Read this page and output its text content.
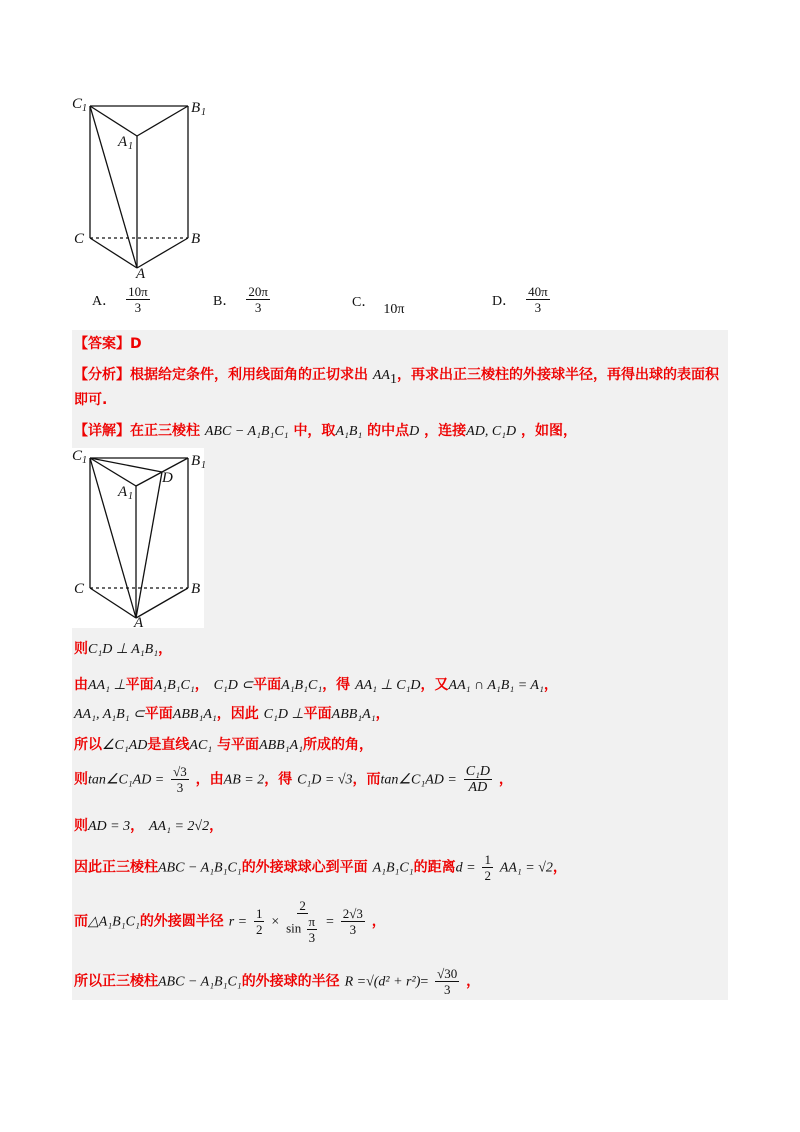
C 1	B 1
A 1
C	B
A
A． $\frac{10\pi}{3}$	B． $\frac{20\pi}{3}$	C． 10π
D． $\frac{40\pi}{3}$
【答案】D
【分析】根据给定条件，利用线面角的正切求出 $AA_1$，再求出正三棱柱的外接球半径，再得出球的表面积
即可.
【详解】在正三棱柱 ABC − A₁B₁C₁ 中，取A₁B₁ 的中点D ，连接AD, C₁D ，如图，
C 1	B 1
A 1
D
C	B
A
则C₁D ⊥ A₁B₁，
由AA₁ ⊥平面A₁B₁C₁， C₁D ⊂平面A₁B₁C₁，得 AA₁ ⊥ C₁D，又AA₁ ∩ A₁B₁ = A₁，
AA₁, A₁B₁ ⊂平面ABB₁A₁，因此 C₁D ⊥平面ABB₁A₁，
所以∠C₁AD是直线AC₁ 与平面ABB₁A₁所成的角，
则tan∠C₁AD = $\frac{√3}{3}$ ，由AB = 2，得 C₁D = √3，而tan∠C₁AD = $\frac{\text{C₁D}}{AD}$ ，
则AD = 3， AA₁ = 2√2，
因此正三棱柱ABC − A₁B₁C₁的外接球球心到平面 A₁B₁C₁的距离$d = \frac{1}{2} AA_1 = √2$，
而△A₁B₁C₁的外接圆半径 $r = \frac{1}{2} \times \frac{2}{\sin \frac{\pi}{3}} = \frac{2√3}{3}$ ，
所以正三棱柱ABC − A₁B₁C₁的外接球的半径 $R =√(d^2 + r^2)= \frac{√30}{3}$ ，
